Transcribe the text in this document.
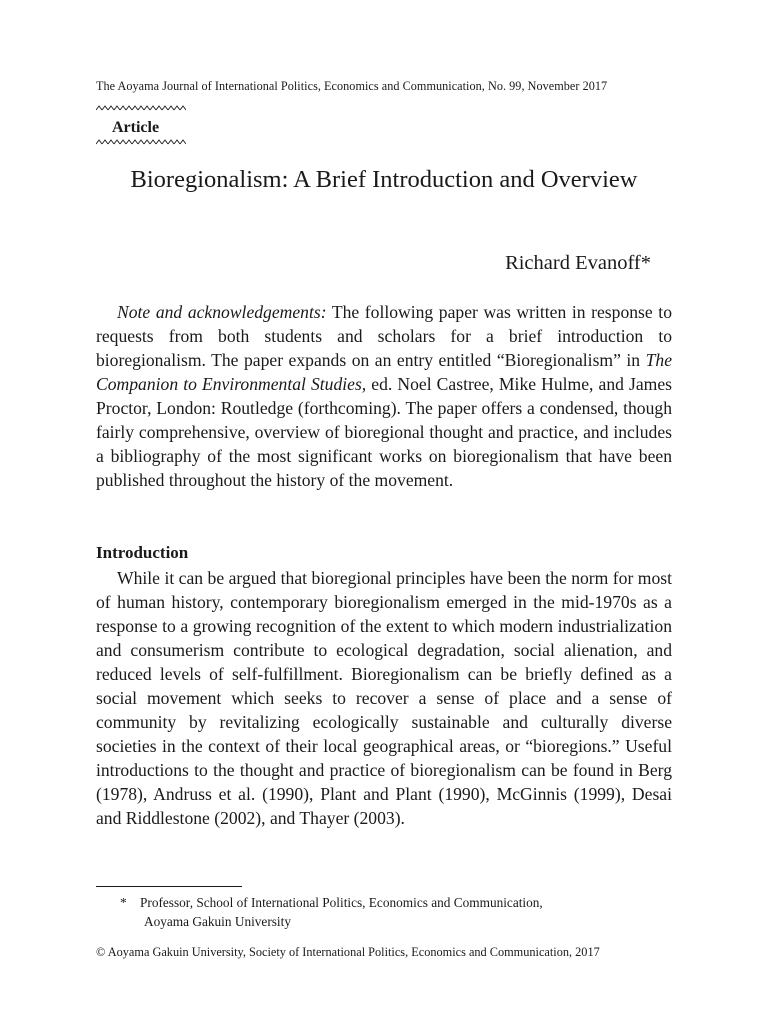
The Aoyama Journal of International Politics, Economics and Communication, No. 99, November 2017
Article
Bioregionalism: A Brief Introduction and Overview
Richard Evanoff*

Note and acknowledgements: The following paper was written in response to requests from both students and scholars for a brief introduction to bioregionalism. The paper expands on an entry entitled “Bioregionalism” in The Companion to Environmental Studies, ed. Noel Castree, Mike Hulme, and James Proctor, London: Routledge (forthcoming). The paper offers a condensed, though fairly comprehensive, overview of bioregional thought and practice, and includes a bibliography of the most significant works on bioregionalism that have been published throughout the history of the movement.

Introduction

While it can be argued that bioregional principles have been the norm for most of human history, contemporary bioregionalism emerged in the mid-1970s as a response to a growing recognition of the extent to which modern industrialization and consumerism contribute to ecological degradation, social alienation, and reduced levels of self-fulfillment. Bioregionalism can be briefly defined as a social movement which seeks to recover a sense of place and a sense of community by revitalizing ecologically sustainable and culturally diverse societies in the context of their local geographical areas, or “bioregions.” Useful introductions to the thought and practice of bioregionalism can be found in Berg (1978), Andruss et al. (1990), Plant and Plant (1990), McGinnis (1999), Desai and Riddlestone (2002), and Thayer (2003).

* Professor, School of International Politics, Economics and Communication,
Aoyama Gakuin University
© Aoyama Gakuin University, Society of International Politics, Economics and Communication, 2017
